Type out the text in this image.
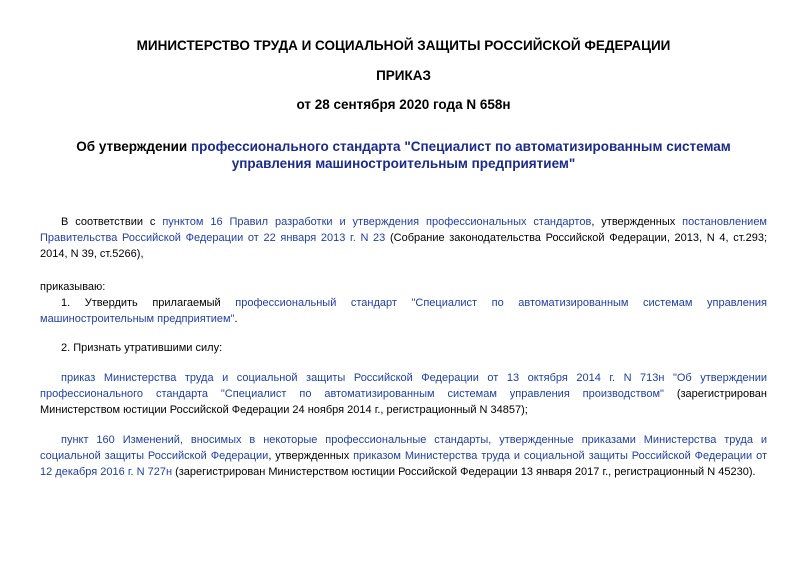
МИНИСТЕРСТВО ТРУДА И СОЦИАЛЬНОЙ ЗАЩИТЫ РОССИЙСКОЙ ФЕДЕРАЦИИ
ПРИКАЗ
от 28 сентября 2020 года N 658н
Об утверждении профессионального стандарта "Специалист по автоматизированным системам управления машиностроительным предприятием"
В соответствии с пунктом 16 Правил разработки и утверждения профессиональных стандартов, утвержденных постановлением Правительства Российской Федерации от 22 января 2013 г. N 23 (Собрание законодательства Российской Федерации, 2013, N 4, ст.293; 2014, N 39, ст.5266),
приказываю:
1. Утвердить прилагаемый профессиональный стандарт "Специалист по автоматизированным системам управления машиностроительным предприятием".
2. Признать утратившими силу:
приказ Министерства труда и социальной защиты Российской Федерации от 13 октября 2014 г. N 713н "Об утверждении профессионального стандарта "Специалист по автоматизированным системам управления производством" (зарегистрирован Министерством юстиции Российской Федерации 24 ноября 2014 г., регистрационный N 34857);
пункт 160 Изменений, вносимых в некоторые профессиональные стандарты, утвержденные приказами Министерства труда и социальной защиты Российской Федерации, утвержденных приказом Министерства труда и социальной защиты Российской Федерации от 12 декабря 2016 г. N 727н (зарегистрирован Министерством юстиции Российской Федерации 13 января 2017 г., регистрационный N 45230).
